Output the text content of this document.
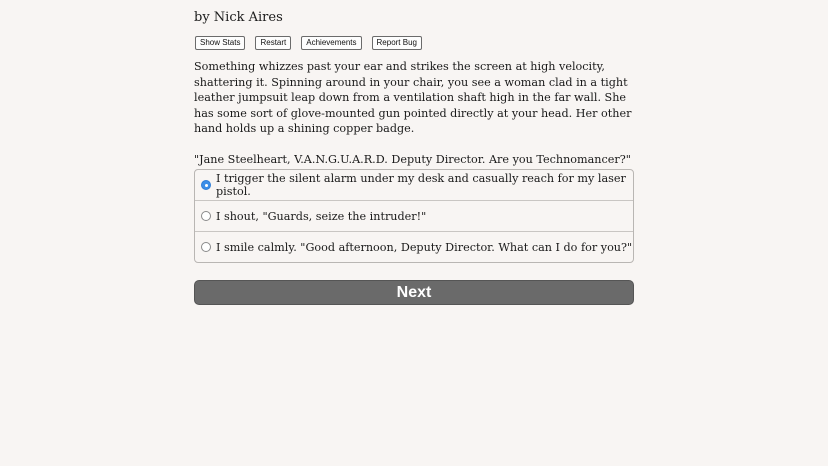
by Nick Aires
Show Stats	Restart	Achievements	Report Bug

Something whizzes past your ear and strikes the screen at high velocity, shattering it. Spinning around in your chair, you see a woman clad in a tight leather jumpsuit leap down from a ventilation shaft high in the far wall. She has some sort of glove-mounted gun pointed directly at your head. Her other hand holds up a shining copper badge.

"Jane Steelheart, V.A.N.G.U.A.R.D. Deputy Director. Are you Technomancer?"

I trigger the silent alarm under my desk and casually reach for my laser pistol.
I shout, "Guards, seize the intruder!"
I smile calmly. "Good afternoon, Deputy Director. What can I do for you?"
Next
